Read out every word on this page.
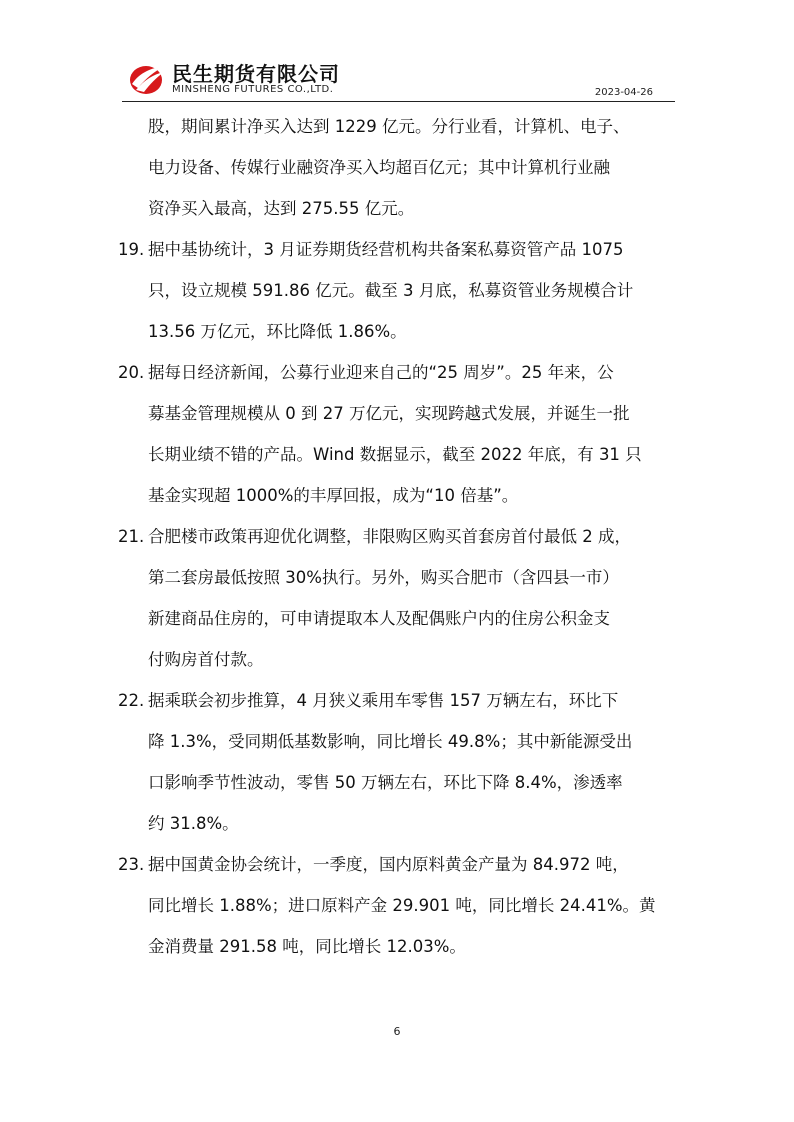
民生期货有限公司
MINSHENG FUTURES CO.,LTD.	2023-04-26
股，期间累计净买入达到 1229 亿元。分行业看，计算机、电子、
电力设备、传媒行业融资净买入均超百亿元；其中计算机行业融
资净买入最高，达到 275.55 亿元。
19. 据中基协统计，3 月证券期货经营机构共备案私募资管产品 1075
只，设立规模 591.86 亿元。截至 3 月底，私募资管业务规模合计
13.56 万亿元，环比降低 1.86%。
20. 据每日经济新闻，公募行业迎来自己的“25 周岁”。25 年来，公
募基金管理规模从 0 到 27 万亿元，实现跨越式发展，并诞生一批
长期业绩不错的产品。Wind 数据显示，截至 2022 年底，有 31 只
基金实现超 1000%的丰厚回报，成为“10 倍基”。
21. 合肥楼市政策再迎优化调整，非限购区购买首套房首付最低 2 成，
第二套房最低按照 30%执行。另外，购买合肥市（含四县一市）
新建商品住房的，可申请提取本人及配偶账户内的住房公积金支
付购房首付款。
22. 据乘联会初步推算，4 月狭义乘用车零售 157 万辆左右，环比下
降 1.3%，受同期低基数影响，同比增长 49.8%；其中新能源受出
口影响季节性波动，零售 50 万辆左右，环比下降 8.4%，渗透率
约 31.8%。
23. 据中国黄金协会统计，一季度，国内原料黄金产量为 84.972 吨，
同比增长 1.88%；进口原料产金 29.901 吨，同比增长 24.41%。黄
金消费量 291.58 吨，同比增长 12.03%。
6
